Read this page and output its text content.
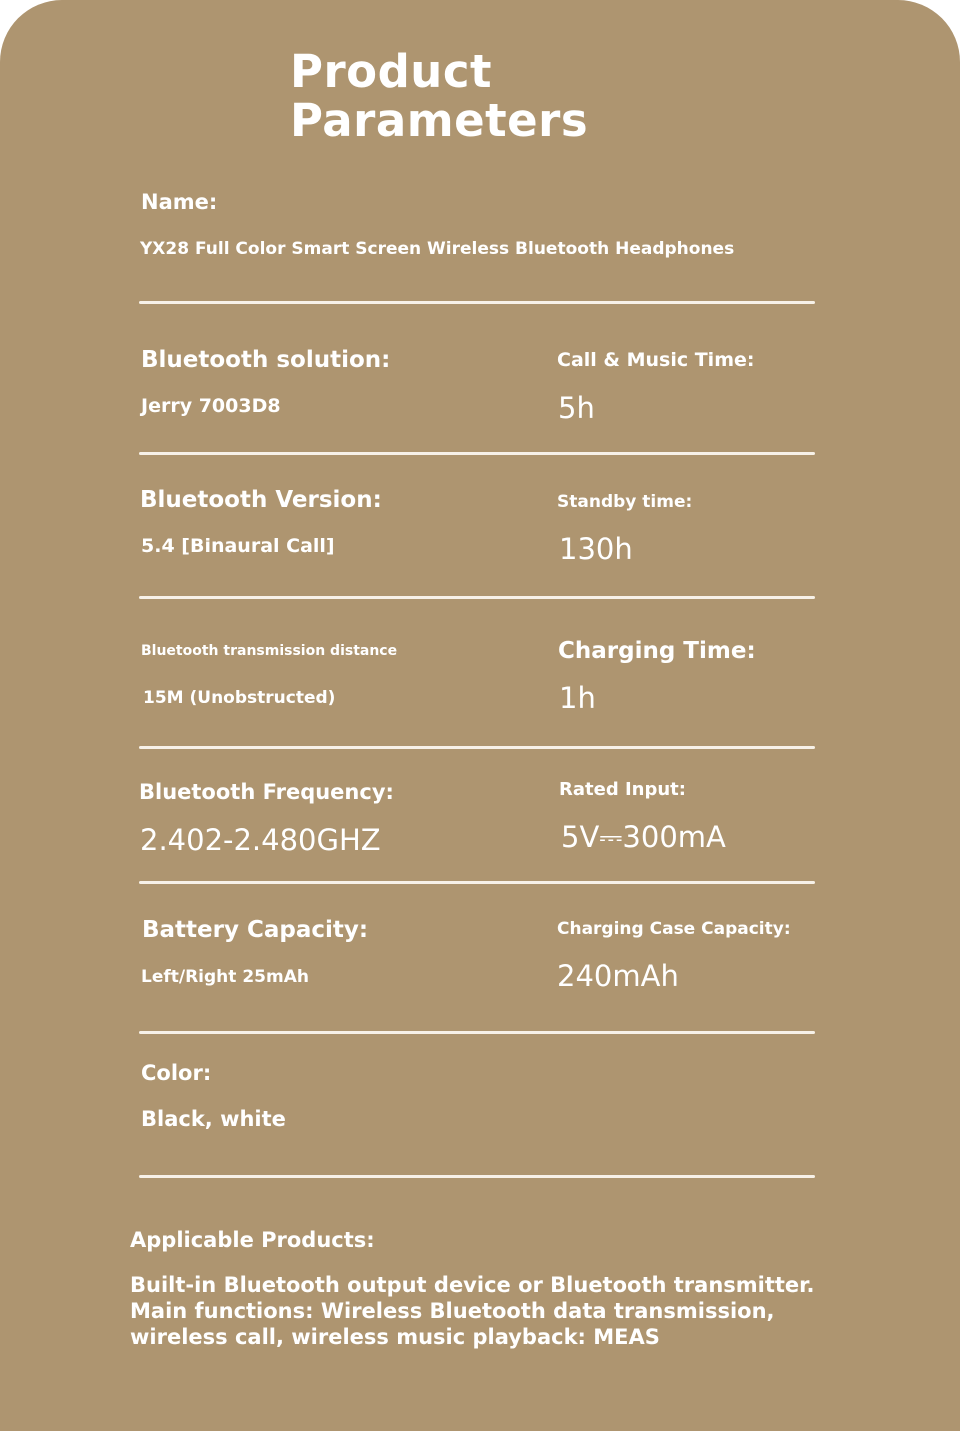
Product
Parameters
Name:
YX28 Full Color Smart Screen Wireless Bluetooth Headphones
Bluetooth solution:
Jerry 7003D8
Call & Music Time:
5h
Bluetooth Version:
5.4 [Binaural Call]
Standby time:
130h
Bluetooth transmission distance
15M (Unobstructed)
Charging Time:
1h
Bluetooth Frequency:
2.402-2.480GHZ
Rated Input:
5V⎓300mA
Battery Capacity:
Left/Right 25mAh
Charging Case Capacity:
240mAh
Color:
Black, white
Applicable Products:
Built-in Bluetooth output device or Bluetooth transmitter.
Main functions: Wireless Bluetooth data transmission,
wireless call, wireless music playback: MEAS
